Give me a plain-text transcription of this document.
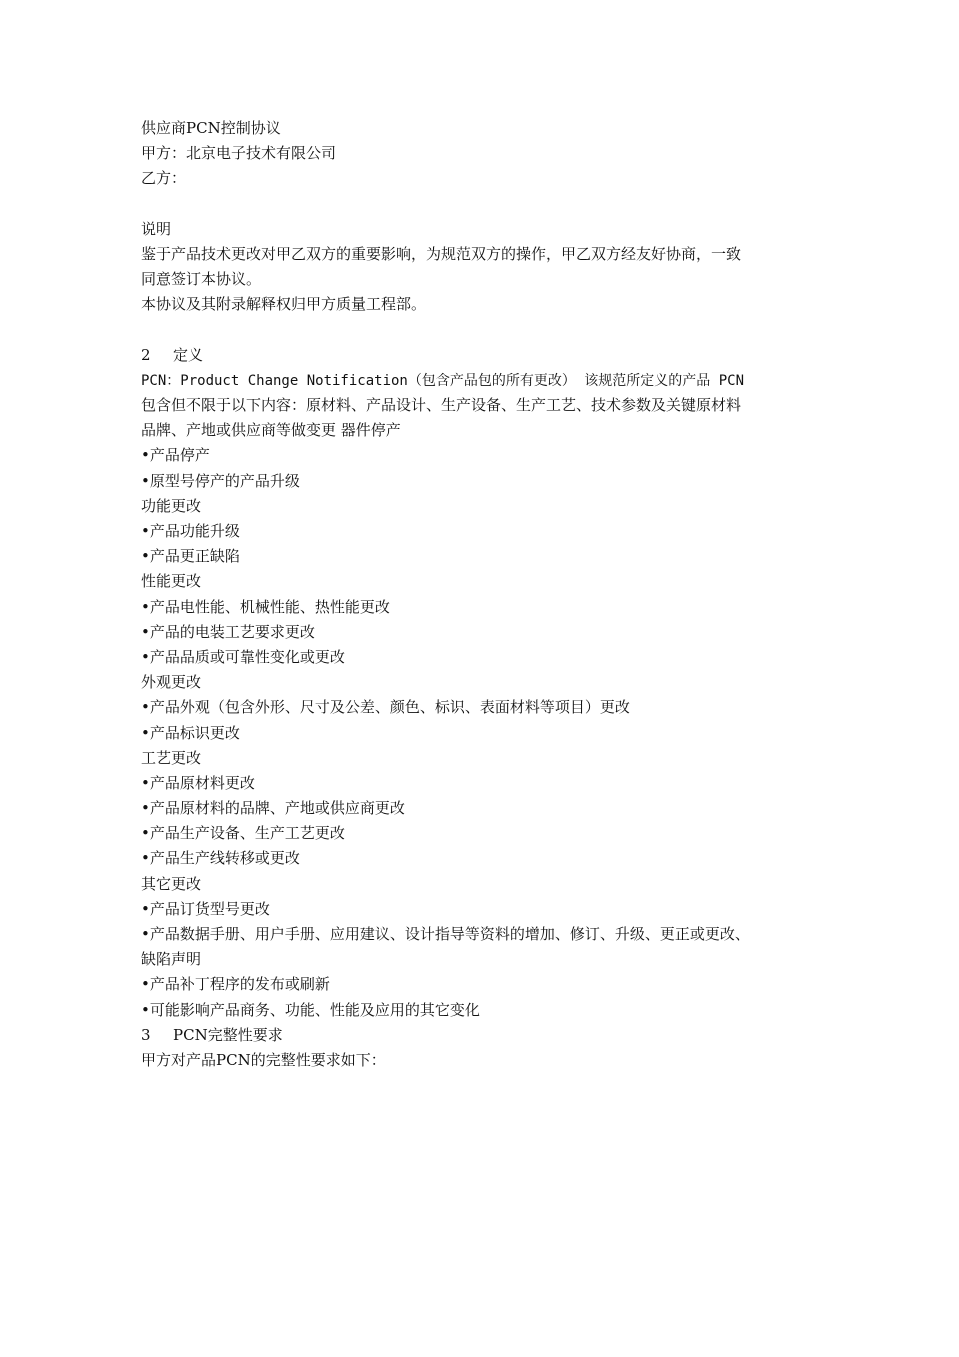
供应商PCN控制协议
甲方：北京电子技术有限公司
乙方：
说明
鉴于产品技术更改对甲乙双方的重要影响，为规范双方的操作，甲乙双方经友好协商，一致
同意签订本协议。
本协议及其附录解释权归甲方质量工程部。
2 定义
PCN：Product Change Notification（包含产品包的所有更改） 该规范所定义的产品 PCN
包含但不限于以下内容：原材料、产品设计、生产设备、生产工艺、技术参数及关键原材料
品牌、产地或供应商等做变更 器件停产
•产品停产
•原型号停产的产品升级
功能更改
•产品功能升级
•产品更正缺陷
性能更改
•产品电性能、机械性能、热性能更改
•产品的电装工艺要求更改
•产品品质或可靠性变化或更改
外观更改
•产品外观（包含外形、尺寸及公差、颜色、标识、表面材料等项目）更改
•产品标识更改
工艺更改
•产品原材料更改
•产品原材料的品牌、产地或供应商更改
•产品生产设备、生产工艺更改
•产品生产线转移或更改
其它更改
•产品订货型号更改
•产品数据手册、用户手册、应用建议、设计指导等资料的增加、修订、升级、更正或更改、
缺陷声明
•产品补丁程序的发布或刷新
•可能影响产品商务、功能、性能及应用的其它变化
3 PCN完整性要求
甲方对产品PCN的完整性要求如下：
